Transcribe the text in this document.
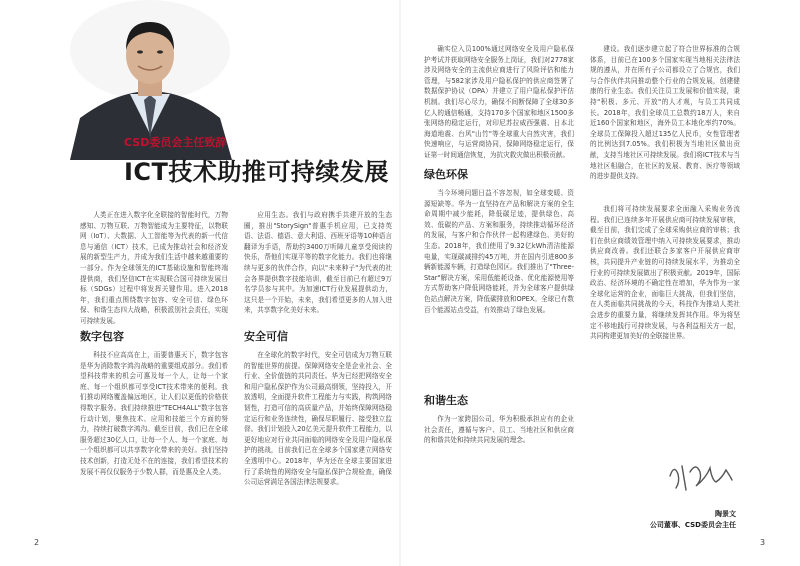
CSD委员会主任致辞
ICT技术助推可持续发展

人类正在进入数字化全联接的智能时代，万物感知、万物互联、万物智能成为主要特征，以物联网（IoT）、大数据、人工智能等为代表的新一代信息与通信（ICT）技术，已成为推动社会和经济发展的新型生产力，并成为我们生活中越来越重要的一部分。作为全球领先的ICT基础设施和智能终端提供商，我们坚信ICT在实现联合国可持续发展目标（SDGs）过程中将发挥关键作用。进入2018年，我们重点围绕数字包容、安全可信、绿色环保、和谐生态四大战略，积极派别社会责任，实现可持续发展。

应用生态。我们与政府携手共建开放的生态圈，推出"StorySign"普惠手机应用，已支持英语、法语、德语、意大利语、西班牙语等10种语言翻译为手语，帮助约3400万听障儿童享受阅读的快乐，帮他们实现平等的数字化能力。我们也将继续与更多的伙伴合作，向以"未来种子"为代表的社会各界提供数字技能培训，截至目前已有超过9万名学员参与其中。为加速ICT行业发展提供动力，这只是一个开始，未来，我们希望更多的人加入进来，共享数字化美好未来。

数字包容

科技不应高高在上，而要普惠天下，数字包容是华为消除数字鸿沟战略的重要组成部分。我们希望科技带来的机会可惠及每一个人，让每一个家庭、每一个组织都可享受ICT技术带来的便利。我们推动网络覆盖偏远地区，让人们以更低的价格获得数字服务。我们持续推进"TECH4ALL"数字包容行动计划，聚焦技术、应用和技能三个方面的努力，持续打破数字鸿沟。截至目前，我们已在全球服务超过30亿人口，让每一个人、每一个家庭、每一个组织都可以共享数字化带来的美好。我们坚持技术创新，打造无处不在的连接，我们希望技术的发展不再仅仅服务于少数人群，而是惠及全人类。

安全可信

在全球化的数字时代，安全可信成为万物互联的智能世界的前提。保障网络安全是企业社会、全行业、全价值链的共同责任。华为已经把网络安全和用户隐私保护作为公司最高纲领，坚持投入，开放透明，全面提升软件工程能力与实践，构筑网络韧性，打造可信的高质量产品，并始终保障网络稳定运行和业务连续性，确保尽职履行、接受独立监督。我们计划投入20亿美元提升软件工程能力，以更好地应对行业共同面临的网络安全及用户隐私保护的挑战，目前我们已在全球多个国家建立网络安全透明中心。2018年，华为还在全球主要国家进行了系统性的网络安全与隐私保护合规检查，确保公司运营满足各国法律法规要求。

2

确实位入员100%通过网络安全及用户隐私保护考试并获取网络安全服务上岗证，我们对2778家涉及网络安全的主流供应商进行了风险评估和能力管理，与582家涉及用户隐私保护的供应商签署了数据保护协议（DPA）并建立了用户隐私保护评估机制。我们尽心尽力，确保不间断保障了全球30多亿人的通信畅通，支持170多个国家和地区1500多张网络的稳定运行，对印尼苏拉威西强震、日本北海道地震、台风"山竹"等全球重大自然灾害，我们快速响应，与运营商协同，保障网络稳定运行，保证第一时间通信恢复，为抗灾救灾做出积极贡献。

绿色环保

当今环境问题日益不容忽视，如全球变暖、资源短缺等。华为一直坚持在产品和解决方案的全生命周期中减少能耗，降低碳足迹，提供绿色、高效、低碳的产品、方案和服务，持续推动循环经济的发展，与客户和合作伙伴一起构建绿色、美好的生态。2018年，我们使用了9.32亿kWh清洁能源电量，实现碳减排约45万吨，并在国内引进800多辆新能源车辆，打造绿色园区。我们推出了"Three-Star"解决方案，采用低能耗设备、优化能源使用等方式帮助客户降低网络能耗，并为全球客户提供绿色站点解决方案，降低碳排放和OPEX。全球已有数百个能源站点受益，有效推动了绿色发展。

和谐生态

作为一家跨国公司，华为积极承担应有的企业社会责任，遵循与客户、员工、当地社区和供应商的和谐共处和持续共同发展的理念。

建设。我们逐步建立起了符合世界标准的合规体系，目前已在100多个国家实现当地相关法律法规的遵从，并在所有子公司都设立了合规官，我们与合作伙伴共同推动整个行业的合规发展，创建健康的行业生态。我们关注员工发展和价值实现，秉持"积极、多元、开放"的人才观，与员工共同成长。2018年，我们全球员工总数约18万人，来自近160个国家和地区，海外员工本地化率约70%。全球员工保障投入超过135亿人民币，女性管理者的比例达到7.05%。我们积极为当地社区做出贡献，支持当地社区可持续发展。我们将ICT技术与当地社区相融合，在社区的发展、教育、医疗等领域的进步提供支持。

我们将可持续发展要求全面融入采购业务流程。我们已连续多年开展供应商可持续发展审核，截至目前，我们完成了全球采购供应商的审核；我们在供应商绩效管理中纳入可持续发展要求，推动供应商改善。我们还联合多家客户开展供应商审核，共同提升产业链的可持续发展水平，为推动全行业的可持续发展做出了积极贡献。2019年，国际政治、经济环境的不确定性在增加，华为作为一家全球化运营的企业，面临巨大挑战，但我们坚信，在人类面临共同挑战的今天，科技作为推动人类社会进步的重要力量，将继续发挥其作用。华为将坚定不移地践行可持续发展，与各利益相关方一起，共同构建更加美好的全联接世界。

陶景文
公司董事、CSD委员会主任
3
